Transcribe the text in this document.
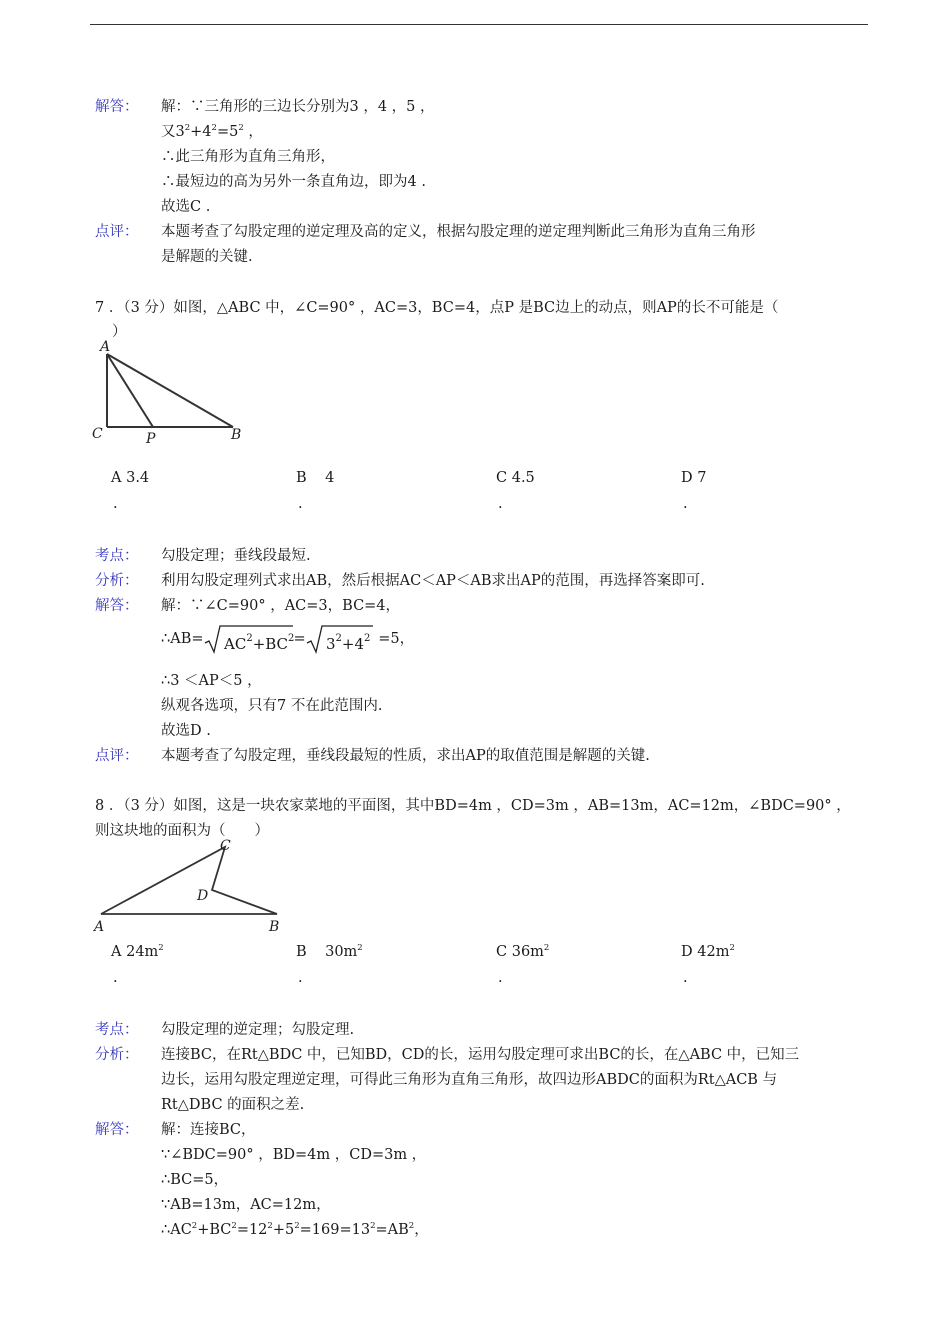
解答： 解：∵三角形的三边长分别为3 ，4 ，5 ，
又$3^2+4^2=5^2$ ，
∴此三角形为直角三角形，
∴最短边的高为另外一条直角边，即为4 .
故选C .
点评： 本题考查了勾股定理的逆定理及高的定义，根据勾股定理的逆定理判断此三角形为直角三角形
是解题的关键.
7 ．（3 分）如图，△ABC 中，∠C=90° ，AC=3，BC=4，点P 是BC边上的动点，则AP的长不可能是（
）
A
C	P	B
A 3.4	B 4	C 4.5	D 7
.	.	.	.
考点： 勾股定理；垂线段最短.
分析： 利用勾股定理列式求出AB，然后根据AC＜AP＜AB求出AP的范围，再选择答案即可.
解答： 解：∵∠C=90° ，AC=3，BC=4，
∴AB= $AC^2+BC^2 = 3^2+4^2 =5$，
∴3 ＜AP＜5 ，
纵观各选项，只有7 不在此范围内.
故选D .
点评： 本题考查了勾股定理，垂线段最短的性质，求出AP的取值范围是解题的关键.
8 ．（3 分）如图，这是一块农家菜地的平面图，其中BD=4m ，CD=3m ，AB=13m，AC=12m，∠BDC=90° ，
则这块地的面积为（　　）
C
D
A	B
A $24m^2$	B $30m^2$	C $36m^2$	D $42m^2$
.	.	.	.
考点： 勾股定理的逆定理；勾股定理.
分析： 连接BC，在Rt△BDC 中，已知BD，CD的长，运用勾股定理可求出BC的长，在△ABC 中，已知三
边长，运用勾股定理逆定理，可得此三角形为直角三角形，故四边形ABDC的面积为Rt△ACB 与
Rt△DBC 的面积之差.
解答： 解：连接BC，
∵∠BDC=90° ，BD=4m ，CD=3m ，
∴BC=5，
∵AB=13m，AC=12m，
$\therefore AC^2+BC^2=12^2+5^2=169=13^2=AB^2$，
